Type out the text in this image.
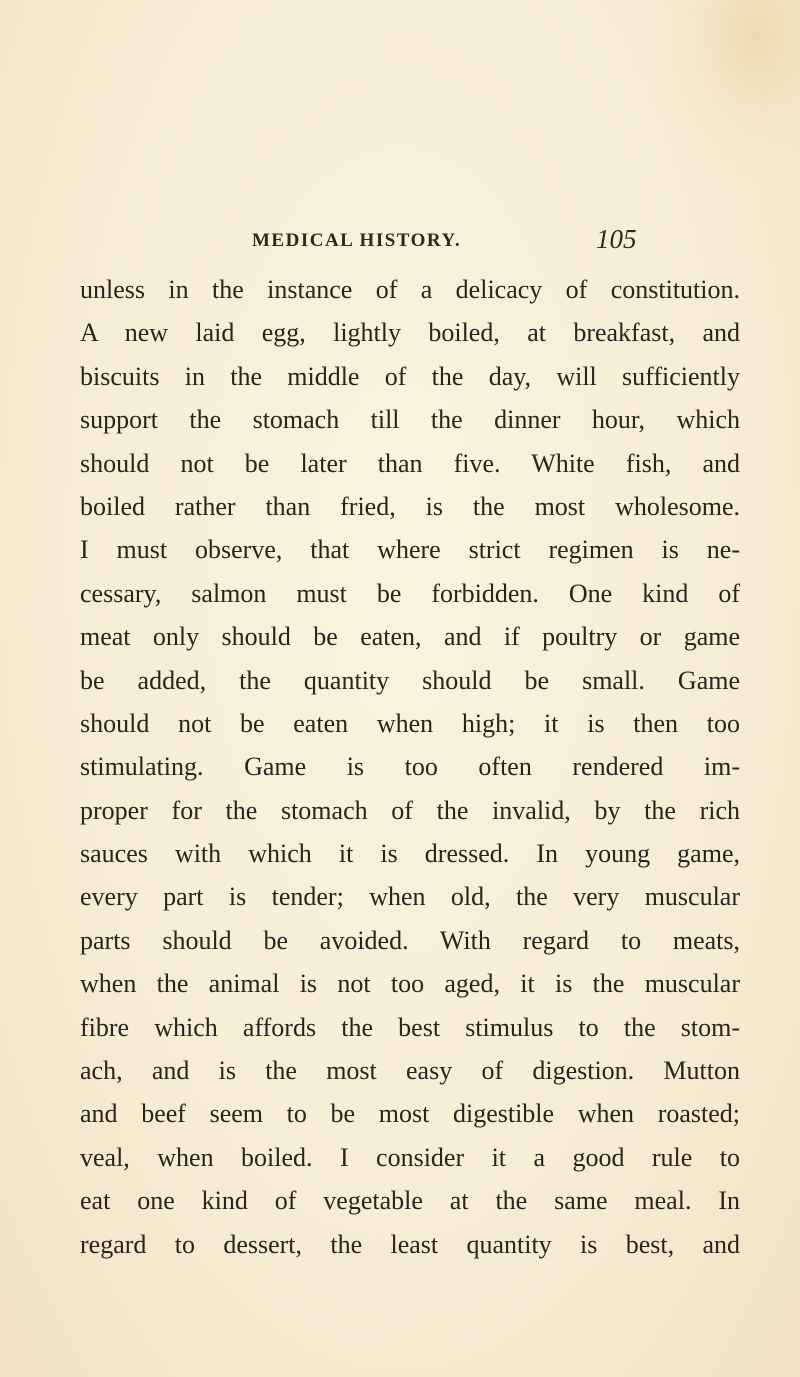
MEDICAL HISTORY.	105
unless in the instance of a delicacy of constitution.
A new laid egg, lightly boiled, at breakfast, and
biscuits in the middle of the day, will sufficiently
support the stomach till the dinner hour, which
should not be later than five. White fish, and
boiled rather than fried, is the most wholesome.
I must observe, that where strict regimen is ne-
cessary, salmon must be forbidden. One kind of
meat only should be eaten, and if poultry or game
be added, the quantity should be small. Game
should not be eaten when high; it is then too
stimulating. Game is too often rendered im-
proper for the stomach of the invalid, by the rich
sauces with which it is dressed. In young game,
every part is tender; when old, the very muscular
parts should be avoided. With regard to meats,
when the animal is not too aged, it is the muscular
fibre which affords the best stimulus to the stom-
ach, and is the most easy of digestion. Mutton
and beef seem to be most digestible when roasted;
veal, when boiled. I consider it a good rule to
eat one kind of vegetable at the same meal. In
regard to dessert, the least quantity is best, and
